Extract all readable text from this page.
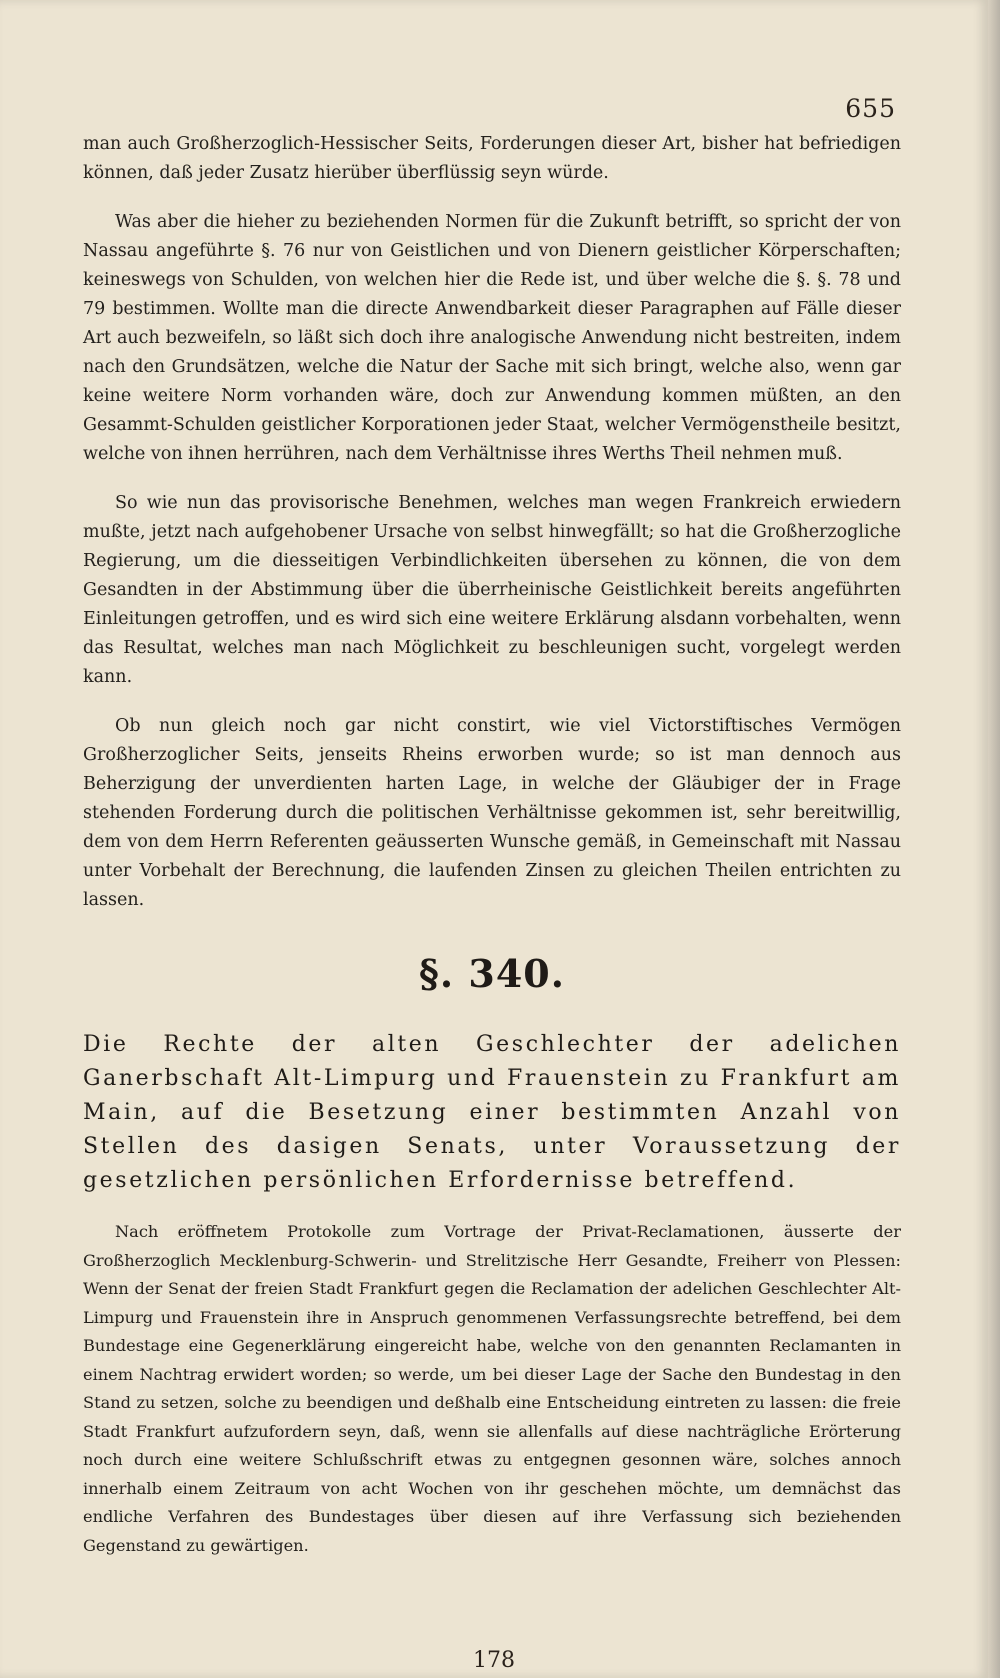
655

man auch Großherzoglich-Hessischer Seits, Forderungen dieser Art, bisher hat befriedigen können, daß jeder Zusatz hierüber überflüssig seyn würde.

Was aber die hieher zu beziehenden Normen für die Zukunft betrifft, so spricht der von Nassau angeführte §. 76 nur von Geistlichen und von Dienern geistlicher Körperschaften; keineswegs von Schulden, von welchen hier die Rede ist, und über welche die §. §. 78 und 79 bestimmen. Wollte man die directe Anwendbarkeit dieser Paragraphen auf Fälle dieser Art auch bezweifeln, so läßt sich doch ihre analogische Anwendung nicht bestreiten, indem nach den Grundsätzen, welche die Natur der Sache mit sich bringt, welche also, wenn gar keine weitere Norm vorhanden wäre, doch zur Anwendung kommen müßten, an den Gesammt-Schulden geistlicher Korporationen jeder Staat, welcher Vermögenstheile besitzt, welche von ihnen herrühren, nach dem Verhältnisse ihres Werths Theil nehmen muß.

So wie nun das provisorische Benehmen, welches man wegen Frankreich erwiedern mußte, jetzt nach aufgehobener Ursache von selbst hinwegfällt; so hat die Großherzogliche Regierung, um die diesseitigen Verbindlichkeiten übersehen zu können, die von dem Gesandten in der Abstimmung über die überrheinische Geistlichkeit bereits angeführten Einleitungen getroffen, und es wird sich eine weitere Erklärung alsdann vorbehalten, wenn das Resultat, welches man nach Möglichkeit zu beschleunigen sucht, vorgelegt werden kann.

Ob nun gleich noch gar nicht constirt, wie viel Victorstiftisches Vermögen Großherzoglicher Seits, jenseits Rheins erworben wurde; so ist man dennoch aus Beherzigung der unverdienten harten Lage, in welche der Gläubiger der in Frage stehenden Forderung durch die politischen Verhältnisse gekommen ist, sehr bereitwillig, dem von dem Herrn Referenten geäusserten Wunsche gemäß, in Gemeinschaft mit Nassau unter Vorbehalt der Berechnung, die laufenden Zinsen zu gleichen Theilen entrichten zu lassen.

§. 340.
Die Rechte der alten Geschlechter der adelichen Ganerbschaft Alt-Limpurg und Frauenstein zu Frankfurt am Main, auf die Besetzung einer bestimmten Anzahl von Stellen des dasigen Senats, unter Voraussetzung der gesetzlichen persönlichen Erfordernisse betreffend.

Nach eröffnetem Protokolle zum Vortrage der Privat-Reclamationen, äusserte der Großherzoglich Mecklenburg-Schwerin- und Strelitzische Herr Gesandte, Freiherr von Plessen: Wenn der Senat der freien Stadt Frankfurt gegen die Reclamation der adelichen Geschlechter Alt-Limpurg und Frauenstein ihre in Anspruch genommenen Verfassungsrechte betreffend, bei dem Bundestage eine Gegenerklärung eingereicht habe, welche von den genannten Reclamanten in einem Nachtrag erwidert worden; so werde, um bei dieser Lage der Sache den Bundestag in den Stand zu setzen, solche zu beendigen und deßhalb eine Entscheidung eintreten zu lassen: die freie Stadt Frankfurt aufzufordern seyn, daß, wenn sie allenfalls auf diese nachträgliche Erörterung noch durch eine weitere Schlußschrift etwas zu entgegnen gesonnen wäre, solches annoch innerhalb einem Zeitraum von acht Wochen von ihr geschehen möchte, um demnächst das endliche Verfahren des Bundestages über diesen auf ihre Verfassung sich beziehenden Gegenstand zu gewärtigen.

178
